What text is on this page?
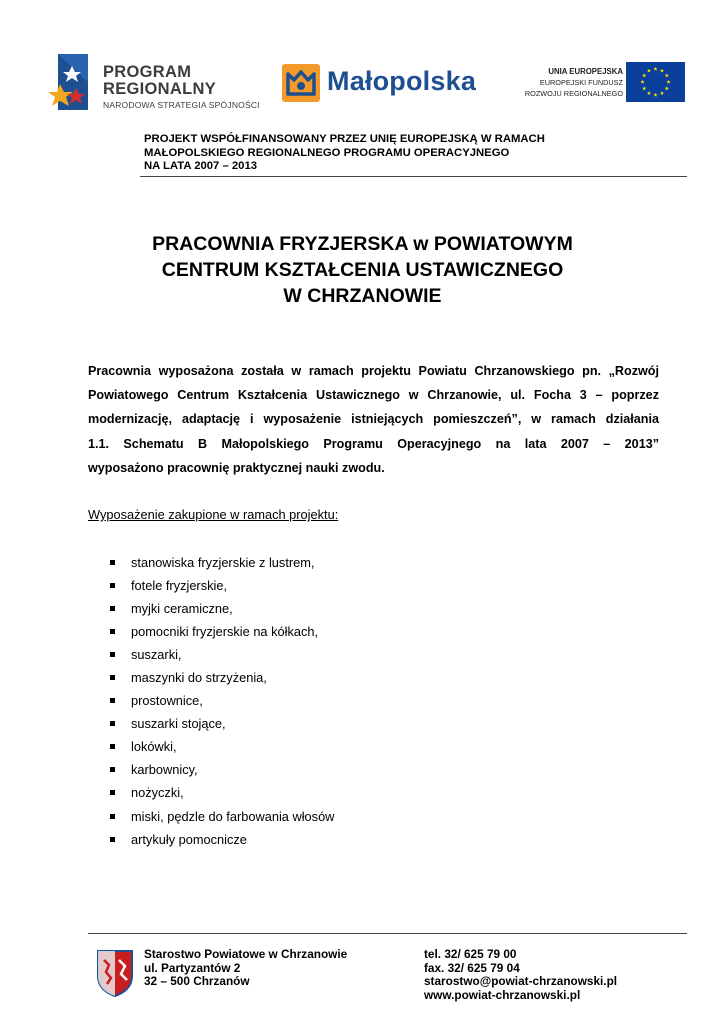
PROGRAM
REGIONALNY
NARODOWA STRATEGIA SPÓJNOŚCI
Małopolska	UNIA EUROPEJSKA
EUROPEJSKI FUNDUSZ
ROZWOJU REGIONALNEGO
PROJEKT WSPÓŁFINANSOWANY PRZEZ UNIĘ EUROPEJSKĄ W RAMACH
MAŁOPOLSKIEGO REGIONALNEGO PROGRAMU OPERACYJNEGO
NA LATA 2007 – 2013
PRACOWNIA FRYZJERSKA w POWIATOWYM
CENTRUM KSZTAŁCENIA USTAWICZNEGO
W CHRZANOWIE
Pracownia wyposażona została w ramach projektu Powiatu Chrzanowskiego pn. „Rozwój
Powiatowego Centrum Kształcenia Ustawicznego w Chrzanowie, ul. Focha 3 – poprzez
modernizację, adaptację i wyposażenie istniejących pomieszczeń”, w ramach działania
1.1. Schematu B Małopolskiego Programu Operacyjnego na lata 2007 – 2013”
wyposażono pracownię praktycznej nauki zwodu.
Wyposażenie zakupione w ramach projektu:
stanowiska fryzjerskie z lustrem,
fotele fryzjerskie,
myjki ceramiczne,
pomocniki fryzjerskie na kółkach,
suszarki,
maszynki do strzyżenia,
prostownice,
suszarki stojące,
lokówki,
karbownicy,
nożyczki,
miski, pędzle do farbowania włosów
artykuły pomocnicze
Starostwo Powiatowe w Chrzanowie
ul. Partyzantów 2
32 – 500 Chrzanów
tel. 32/ 625 79 00
fax. 32/ 625 79 04
starostwo@powiat-chrzanowski.pl
www.powiat-chrzanowski.pl
